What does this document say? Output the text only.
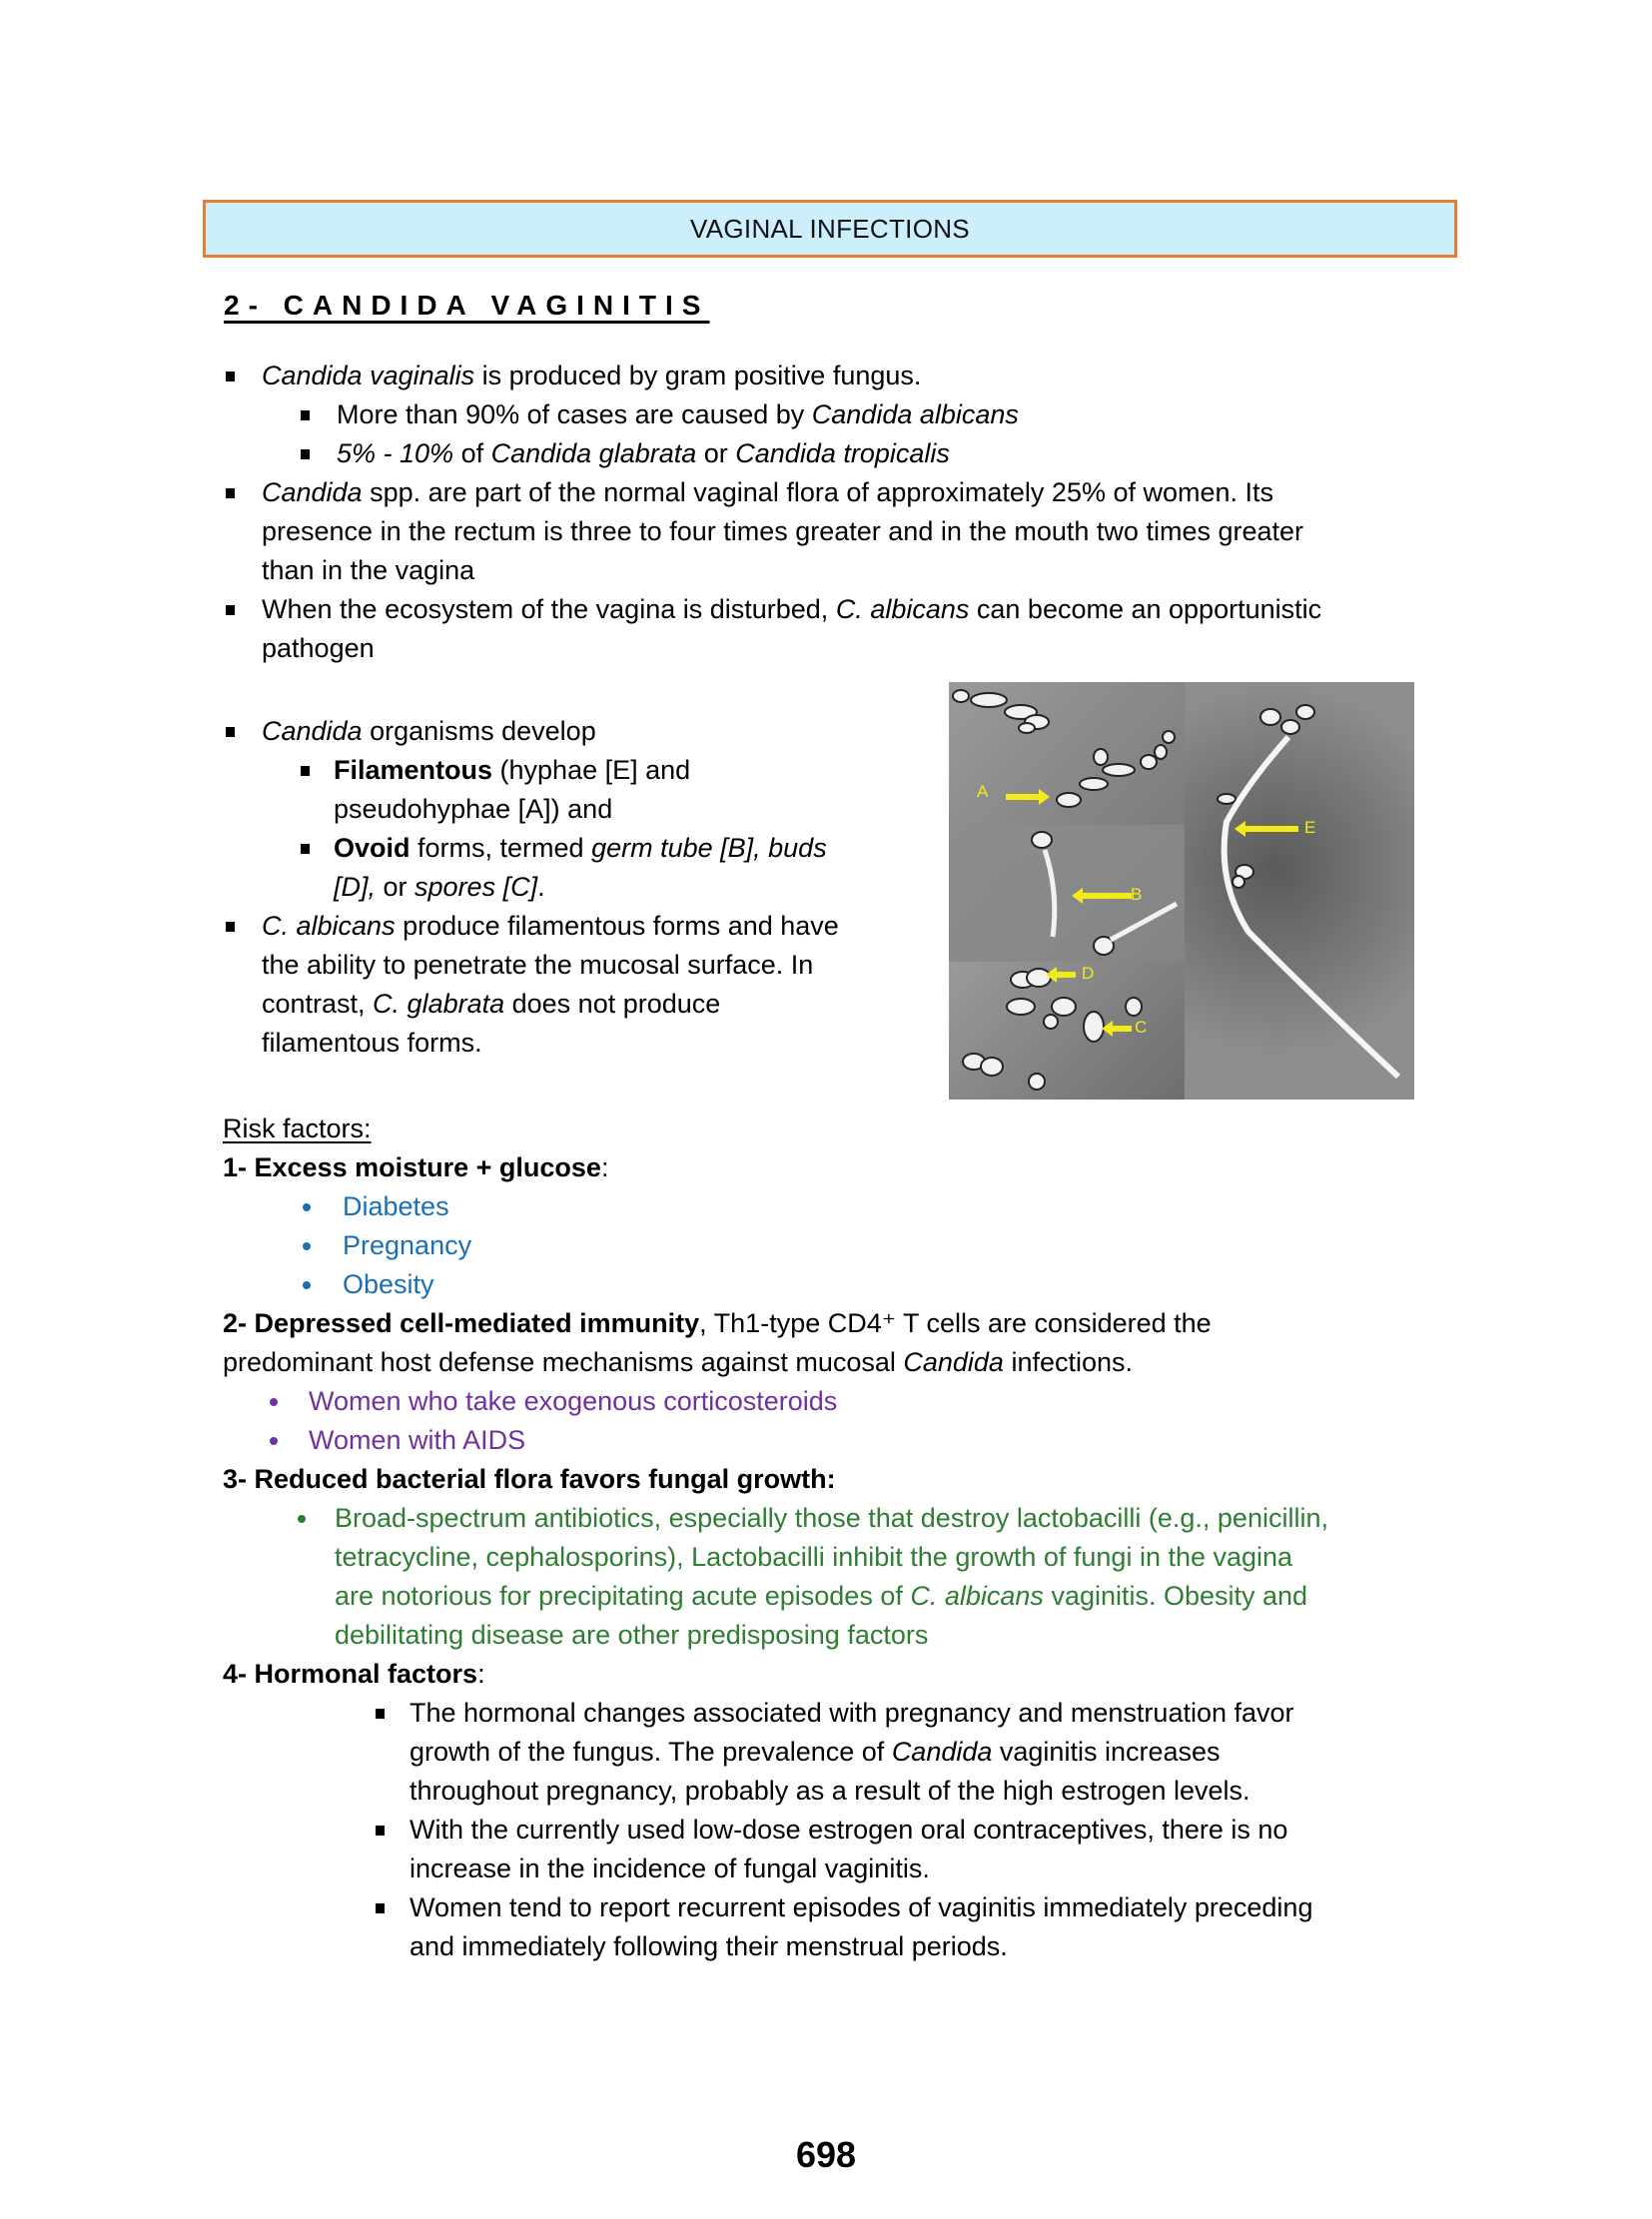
VAGINAL INFECTIONS
2- CANDIDA VAGINITIS
Candida vaginalis is produced by gram positive fungus.
More than 90% of cases are caused by Candida albicans
5% - 10% of Candida glabrata or Candida tropicalis
Candida spp. are part of the normal vaginal flora of approximately 25% of women. Its
presence in the rectum is three to four times greater and in the mouth two times greater
than in the vagina
When the ecosystem of the vagina is disturbed, C. albicans can become an opportunistic
pathogen
Candida organisms develop
Filamentous (hyphae [E] and
pseudohyphae [A]) and
Ovoid forms, termed germ tube [B], buds
[D], or spores [C].
C. albicans produce filamentous forms and have
the ability to penetrate the mucosal surface. In
contrast, C. glabrata does not produce
filamentous forms.
A
B
C
D
E
Risk factors:
1- Excess moisture + glucose:
Diabetes
Pregnancy
Obesity
2- Depressed cell-mediated immunity, Th1-type CD4⁺ T cells are considered the
predominant host defense mechanisms against mucosal Candida infections.
Women who take exogenous corticosteroids
Women with AIDS
3- Reduced bacterial flora favors fungal growth:
Broad-spectrum antibiotics, especially those that destroy lactobacilli (e.g., penicillin,
tetracycline, cephalosporins), Lactobacilli inhibit the growth of fungi in the vagina
are notorious for precipitating acute episodes of C. albicans vaginitis. Obesity and
debilitating disease are other predisposing factors
4- Hormonal factors:
The hormonal changes associated with pregnancy and menstruation favor
growth of the fungus. The prevalence of Candida vaginitis increases
throughout pregnancy, probably as a result of the high estrogen levels.
With the currently used low-dose estrogen oral contraceptives, there is no
increase in the incidence of fungal vaginitis.
Women tend to report recurrent episodes of vaginitis immediately preceding
and immediately following their menstrual periods.
698
